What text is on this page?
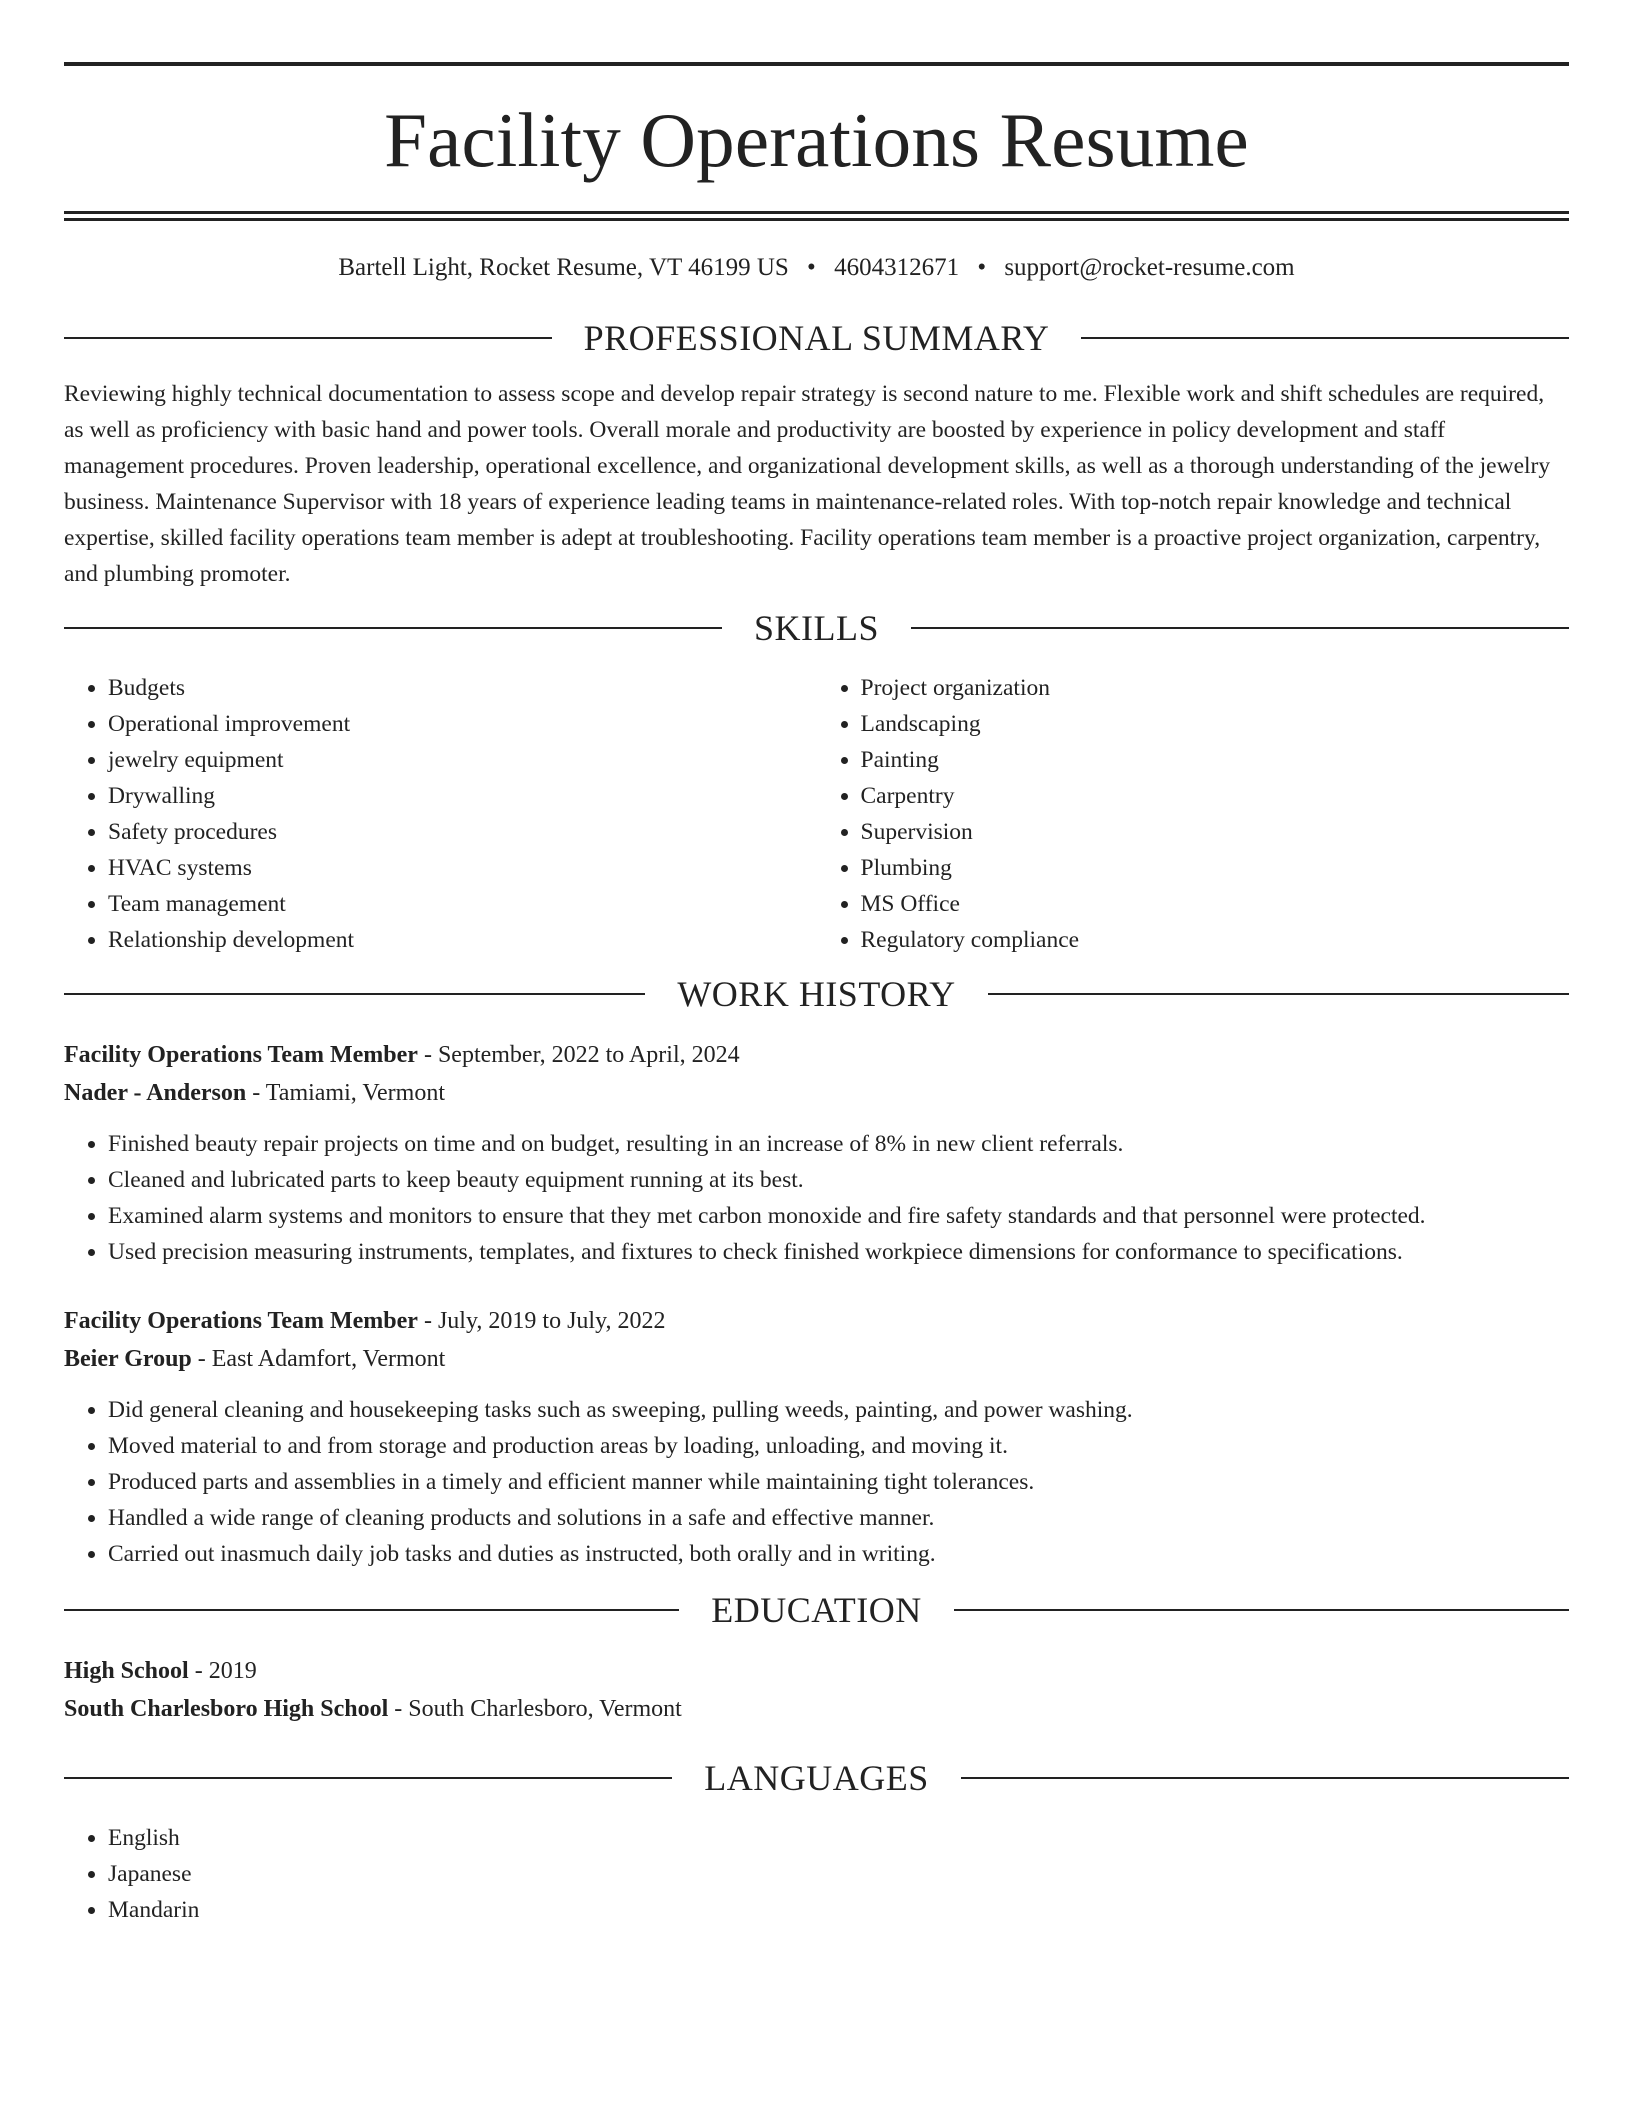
Facility Operations Resume
Bartell Light, Rocket Resume, VT 46199 US • 4604312671 • support@rocket-resume.com
PROFESSIONAL SUMMARY

Reviewing highly technical documentation to assess scope and develop repair strategy is second nature to me. Flexible work and shift schedules are required, as well as proficiency with basic hand and power tools. Overall morale and productivity are boosted by experience in policy development and staff management procedures. Proven leadership, operational excellence, and organizational development skills, as well as a thorough understanding of the jewelry business. Maintenance Supervisor with 18 years of experience leading teams in maintenance-related roles. With top-notch repair knowledge and technical expertise, skilled facility operations team member is adept at troubleshooting. Facility operations team member is a proactive project organization, carpentry, and plumbing promoter.

SKILLS
• Budgets
• Operational improvement
• jewelry equipment
• Drywalling
• Safety procedures
• HVAC systems
• Team management
• Relationship development
• Project organization
• Landscaping
• Painting
• Carpentry
• Supervision
• Plumbing
• MS Office
• Regulatory compliance
WORK HISTORY

Facility Operations Team Member - September, 2022 to April, 2024

Nader - Anderson - Tamiami, Vermont

• Finished beauty repair projects on time and on budget, resulting in an increase of 8% in new client referrals.
• Cleaned and lubricated parts to keep beauty equipment running at its best.
• Examined alarm systems and monitors to ensure that they met carbon monoxide and fire safety standards and that personnel were protected.
• Used precision measuring instruments, templates, and fixtures to check finished workpiece dimensions for conformance to specifications.

Facility Operations Team Member - July, 2019 to July, 2022

Beier Group - East Adamfort, Vermont

• Did general cleaning and housekeeping tasks such as sweeping, pulling weeds, painting, and power washing.
• Moved material to and from storage and production areas by loading, unloading, and moving it.
• Produced parts and assemblies in a timely and efficient manner while maintaining tight tolerances.
• Handled a wide range of cleaning products and solutions in a safe and effective manner.
• Carried out inasmuch daily job tasks and duties as instructed, both orally and in writing.
EDUCATION

High School - 2019

South Charlesboro High School - South Charlesboro, Vermont

LANGUAGES
• English
• Japanese
• Mandarin
